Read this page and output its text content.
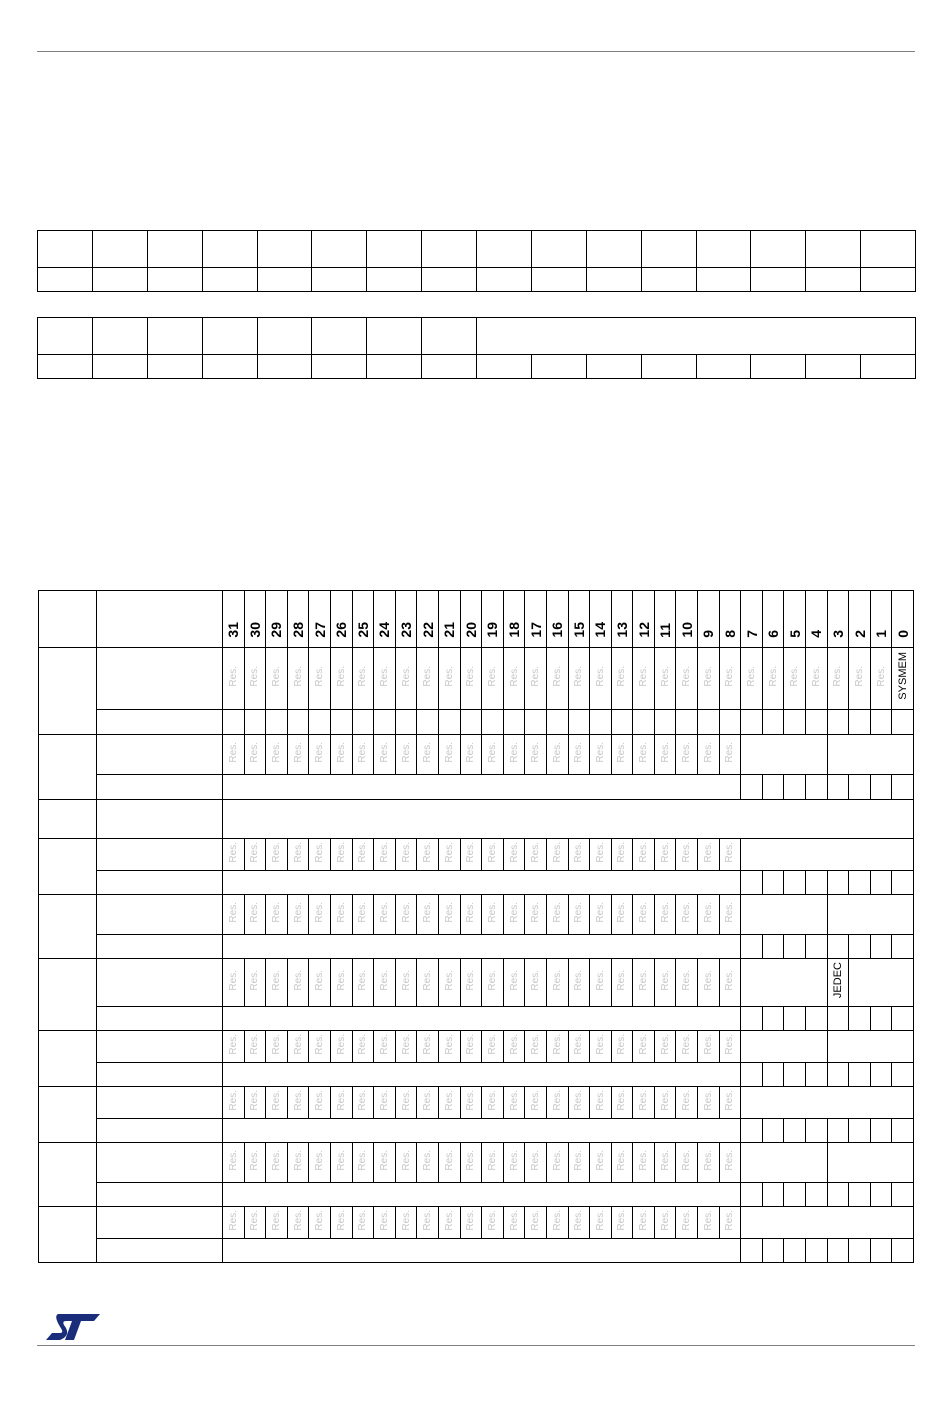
		31	30	29	28	27	26	25	24	23	22	21	20	19	18	17	16	15	14	13	12	11	10	9	8	7	6	5	4	3	2	1	0
		Res.	Res.	Res.	Res.	Res.	Res.	Res.	Res.	Res.	Res.	Res.	Res.	Res.	Res.	Res.	Res.	Res.	Res.	Res.	Res.	Res.	Res.	Res.	Res.	Res.	Res.	Res.	Res.	Res.	Res.	Res.	SYSMEM

		Res.	Res.	Res.	Res.	Res.	Res.	Res.	Res.	Res.	Res.	Res.	Res.	Res.	Res.	Res.	Res.	Res.	Res.	Res.	Res.	Res.	Res.	Res.	Res.								

		Res.	Res.	Res.	Res.	Res.	Res.	Res.	Res.	Res.	Res.	Res.	Res.	Res.	Res.	Res.	Res.	Res.	Res.	Res.	Res.	Res.	Res.	Res.	Res.								

		Res.	Res.	Res.	Res.	Res.	Res.	Res.	Res.	Res.	Res.	Res.	Res.	Res.	Res.	Res.	Res.	Res.	Res.	Res.	Res.	Res.	Res.	Res.	Res.								

		Res.	Res.	Res.	Res.	Res.	Res.	Res.	Res.	Res.	Res.	Res.	Res.	Res.	Res.	Res.	Res.	Res.	Res.	Res.	Res.	Res.	Res.	Res.	Res.					JEDEC			

		Res.	Res.	Res.	Res.	Res.	Res.	Res.	Res.	Res.	Res.	Res.	Res.	Res.	Res.	Res.	Res.	Res.	Res.	Res.	Res.	Res.	Res.	Res.	Res.								

		Res.	Res.	Res.	Res.	Res.	Res.	Res.	Res.	Res.	Res.	Res.	Res.	Res.	Res.	Res.	Res.	Res.	Res.	Res.	Res.	Res.	Res.	Res.	Res.								

		Res.	Res.	Res.	Res.	Res.	Res.	Res.	Res.	Res.	Res.	Res.	Res.	Res.	Res.	Res.	Res.	Res.	Res.	Res.	Res.	Res.	Res.	Res.	Res.								

		Res.	Res.	Res.	Res.	Res.	Res.	Res.	Res.	Res.	Res.	Res.	Res.	Res.	Res.	Res.	Res.	Res.	Res.	Res.	Res.	Res.	Res.	Res.	Res.								
